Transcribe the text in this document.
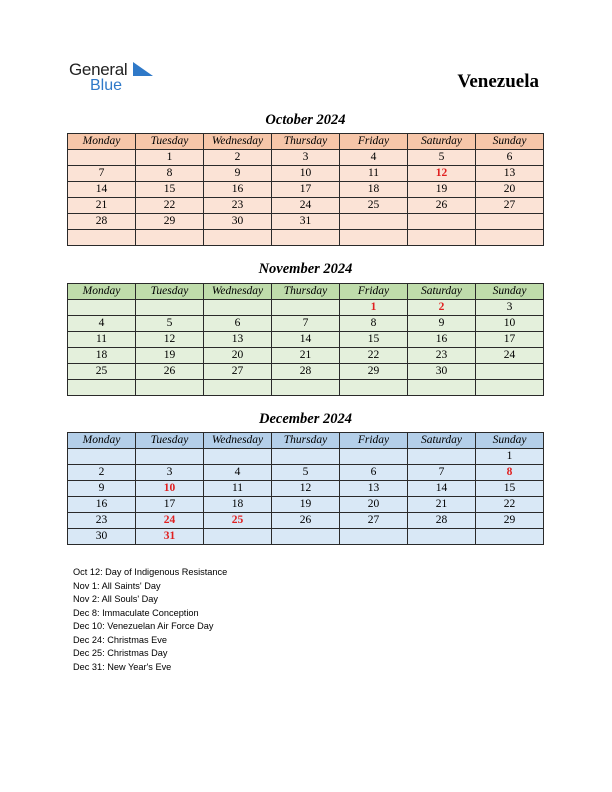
General
Blue	Venezuela
October 2024
Monday	Tuesday	Wednesday	Thursday	Friday	Saturday	Sunday
	1	2	3	4	5	6
7	8	9	10	11	12	13
14	15	16	17	18	19	20
21	22	23	24	25	26	27
28	29	30	31			

November 2024
Monday	Tuesday	Wednesday	Thursday	Friday	Saturday	Sunday
				1	2	3
4	5	6	7	8	9	10
11	12	13	14	15	16	17
18	19	20	21	22	23	24
25	26	27	28	29	30	

December 2024
Monday	Tuesday	Wednesday	Thursday	Friday	Saturday	Sunday
						1
2	3	4	5	6	7	8
9	10	11	12	13	14	15
16	17	18	19	20	21	22
23	24	25	26	27	28	29
30	31					
Oct 12: Day of Indigenous Resistance
Nov 1: All Saints' Day
Nov 2: All Souls' Day
Dec 8: Immaculate Conception
Dec 10: Venezuelan Air Force Day
Dec 24: Christmas Eve
Dec 25: Christmas Day
Dec 31: New Year's Eve
